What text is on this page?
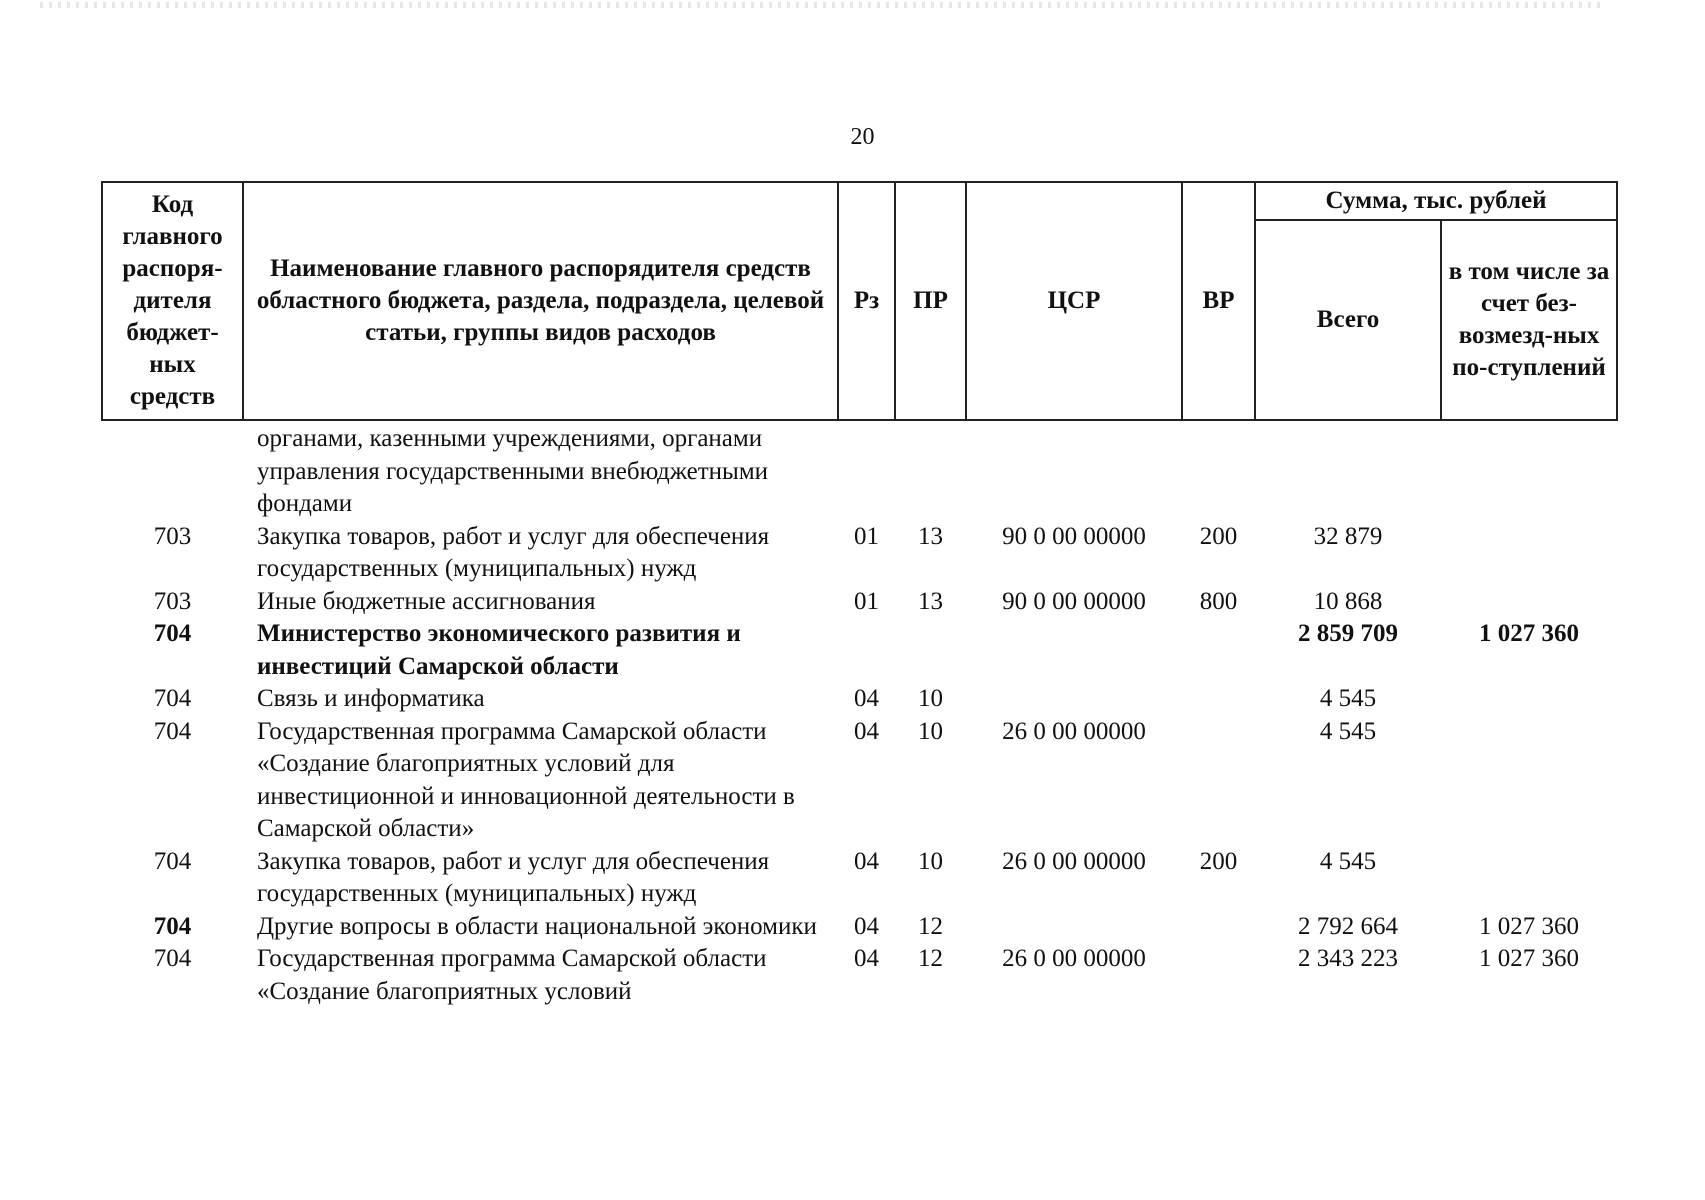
20
Код главного распоря-дителя бюджет-ных средств	Наименование главного распорядителя средств областного бюджета, раздела, подраздела, целевой статьи, группы видов расходов	Рз	ПР	ЦСР	ВР	Сумма, тыс. рублей	
						Всего	в том числе за счет без-возмезд-ных по-ступлений
	органами, казенными учреждениями, органами управления государственными внебюджетными фондами						
703	Закупка товаров, работ и услуг для обеспечения государственных (муниципальных) нужд	01	13	90 0 00 00000	200	32 879	
703	Иные бюджетные ассигнования	01	13	90 0 00 00000	800	10 868	
704	Министерство экономического развития и инвестиций Самарской области					2 859 709	1 027 360
704	Связь и информатика	04	10			4 545	
704	Государственная программа Самарской области «Создание благоприятных условий для инвестиционной и инновационной деятельности в Самарской области»	04	10	26 0 00 00000		4 545	
704	Закупка товаров, работ и услуг для обеспечения государственных (муниципальных) нужд	04	10	26 0 00 00000	200	4 545	
704	Другие вопросы в области национальной экономики	04	12			2 792 664	1 027 360
704	Государственная программа Самарской области «Создание благоприятных условий	04	12	26 0 00 00000		2 343 223	1 027 360
